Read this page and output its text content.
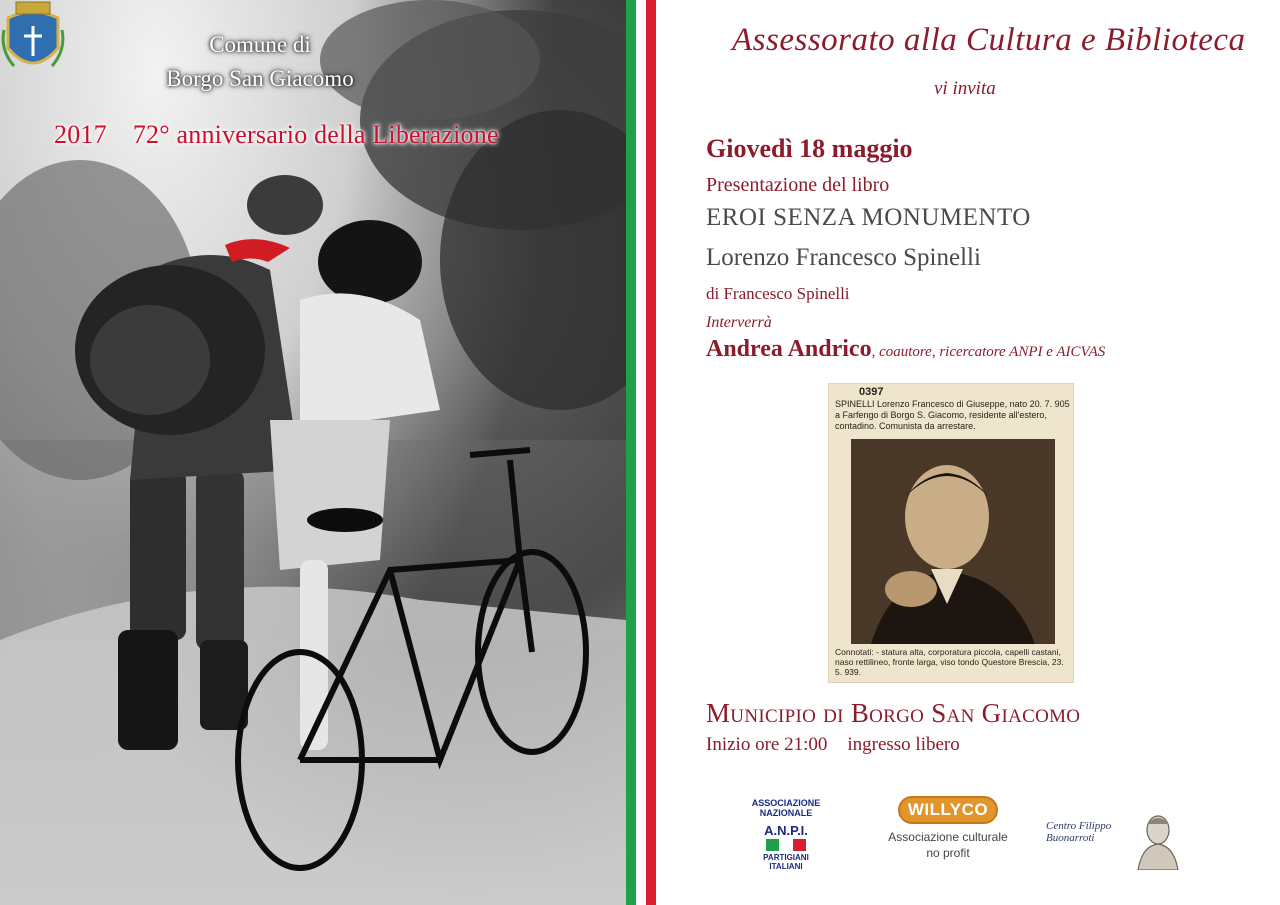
Comune di
Borgo San Giacomo
2017 72° anniversario della Liberazione
Assessorato alla Cultura e Biblioteca
vi invita
Giovedì 18 maggio
Presentazione del libro
EROI SENZA MONUMENTO
Lorenzo Francesco Spinelli
di Francesco Spinelli
Interverrà
Andrea Andrico, coautore, ricercatore ANPI e AICVAS
0397
SPINELLI Lorenzo Francesco di Giuseppe, nato 20. 7. 905 a Farfengo di Borgo S. Giacomo, residente all'estero, contadino. Comunista da arrestare.
Connotati: - statura alta, corporatura piccola, capelli castani, naso rettilineo, fronte larga, viso tondo Questore Brescia, 23. 5. 939.
Municipio di Borgo San Giacomo
Inizio ore 21:00 ingresso libero
ASSOCIAZIONE NAZIONALE
A.N.P.I.
PARTIGIANI ITALIANI
WILLYCO
Associazione culturale
no profit
Centro Filippo Buonarroti
